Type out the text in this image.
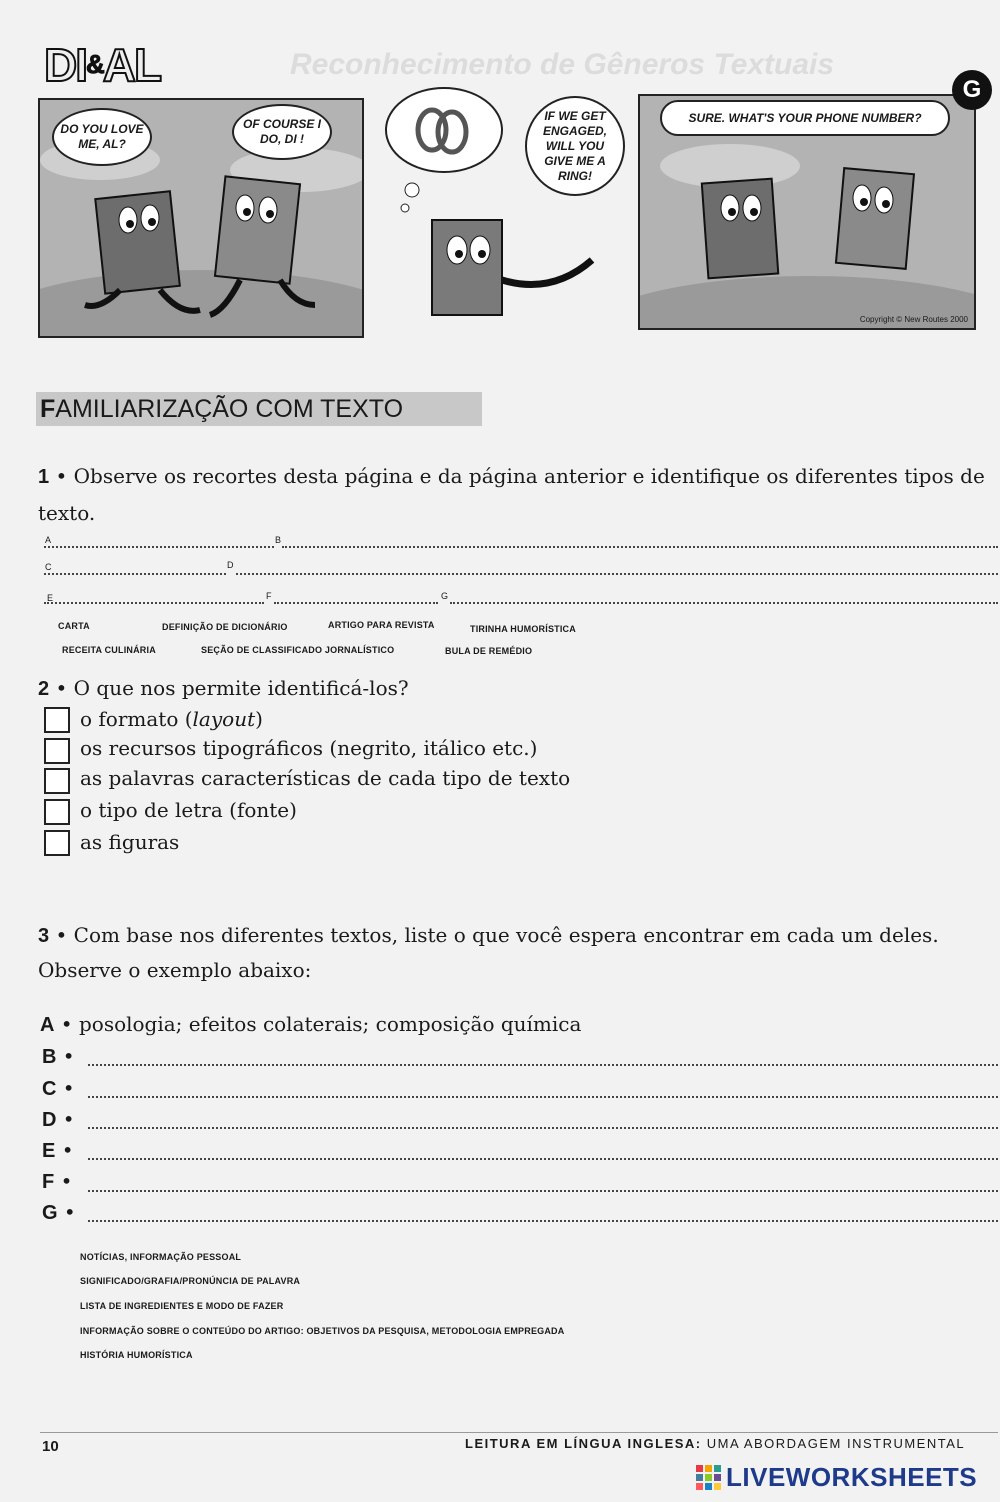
Reconhecimento de Gêneros Textuais
DI&AL
DO YOU LOVE ME, AL?
OF COURSE I DO, DI !
IF WE GET ENGAGED, WILL YOU GIVE ME A RING!
SURE. WHAT'S YOUR PHONE NUMBER?
Copyright © New Routes 2000
G
FAMILIARIZAÇÃO COM TEXTO
1 • Observe os recortes desta página e da página anterior e identifique os diferentes tipos de texto.
A	B
C	D
E	F	G
CARTA	DEFINIÇÃO DE DICIONÁRIO	ARTIGO PARA REVISTA	TIRINHA HUMORÍSTICA
RECEITA CULINÁRIA	SEÇÃO DE CLASSIFICADO JORNALÍSTICO	BULA DE REMÉDIO
2 • O que nos permite identificá-los?
o formato (layout)
os recursos tipográficos (negrito, itálico etc.)
as palavras características de cada tipo de texto
o tipo de letra (fonte)
as figuras
3 • Com base nos diferentes textos, liste o que você espera encontrar em cada um deles.
Observe o exemplo abaixo:
A • posologia; efeitos colaterais; composição química
B •
C •
D •
E •
F •
G •
NOTÍCIAS, INFORMAÇÃO PESSOAL
SIGNIFICADO/GRAFIA/PRONÚNCIA DE PALAVRA
LISTA DE INGREDIENTES E MODO DE FAZER
INFORMAÇÃO SOBRE O CONTEÚDO DO ARTIGO: OBJETIVOS DA PESQUISA, METODOLOGIA EMPREGADA
HISTÓRIA HUMORÍSTICA
10	LEITURA EM LÍNGUA INGLESA: UMA ABORDAGEM INSTRUMENTAL
LIVEWORKSHEETS
